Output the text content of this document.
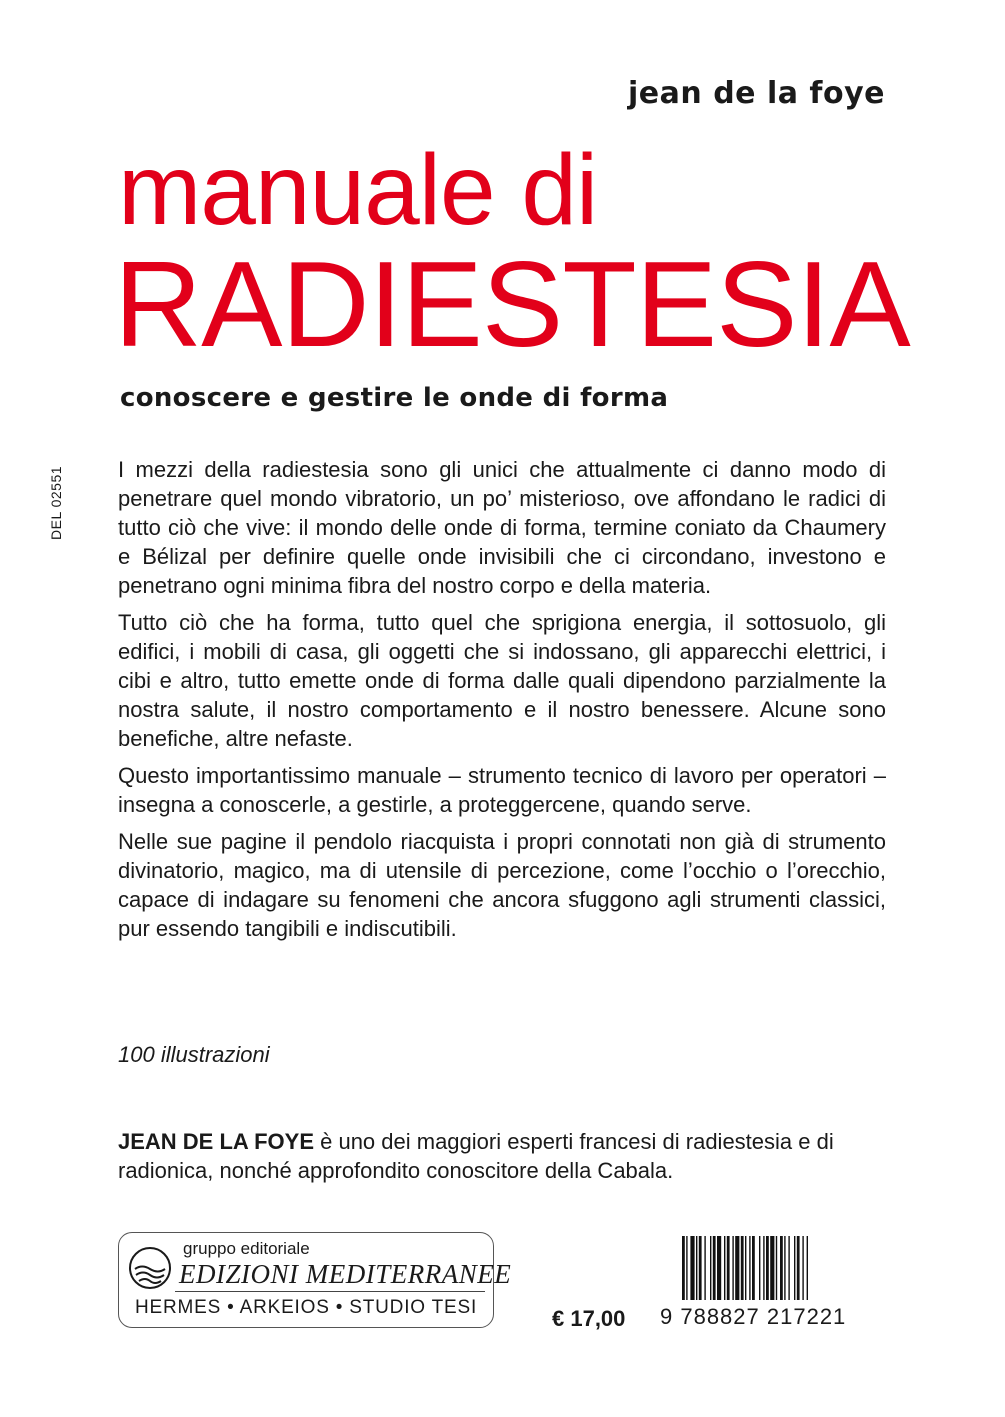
jean de la foye
manuale di
RADIESTESIA
conoscere e gestire le onde di forma
DEL 02551 I mezzi della radiestesia sono gli unici che attualmente ci danno modo di penetrare quel mondo vibratorio, un po’ misterioso, ove affondano le radici di tutto ciò che vive: il mondo delle onde di forma, termine coniato da Chaumery e Bélizal per definire quelle onde invisibili che ci circondano, investono e penetrano ogni minima fibra del nostro corpo e della materia.

Tutto ciò che ha forma, tutto quel che sprigiona energia, il sottosuolo, gli edifici, i mobili di casa, gli oggetti che si indossano, gli apparecchi elettrici, i cibi e altro, tutto emette onde di forma dalle quali dipendono parzialmente la nostra salute, il nostro comportamento e il nostro benessere. Alcune sono benefiche, altre nefaste.

Questo importantissimo manuale – strumento tecnico di lavoro per operatori – insegna a conoscerle, a gestirle, a proteggercene, quando serve.

Nelle sue pagine il pendolo riacquista i propri connotati non già di strumento divinatorio, magico, ma di utensile di percezione, come l’occhio o l’orecchio, capace di indagare su fenomeni che ancora sfuggono agli strumenti classici, pur essendo tangibili e indiscutibili.

100 illustrazioni
JEAN DE LA FOYE è uno dei maggiori esperti francesi di radiestesia e di radionica, nonché approfondito conoscitore della Cabala.
gruppo editoriale
EDIZIONI MEDITERRANEE
HERMES • ARKEIOS • STUDIO TESI	€ 17,00 9 788827 217221
